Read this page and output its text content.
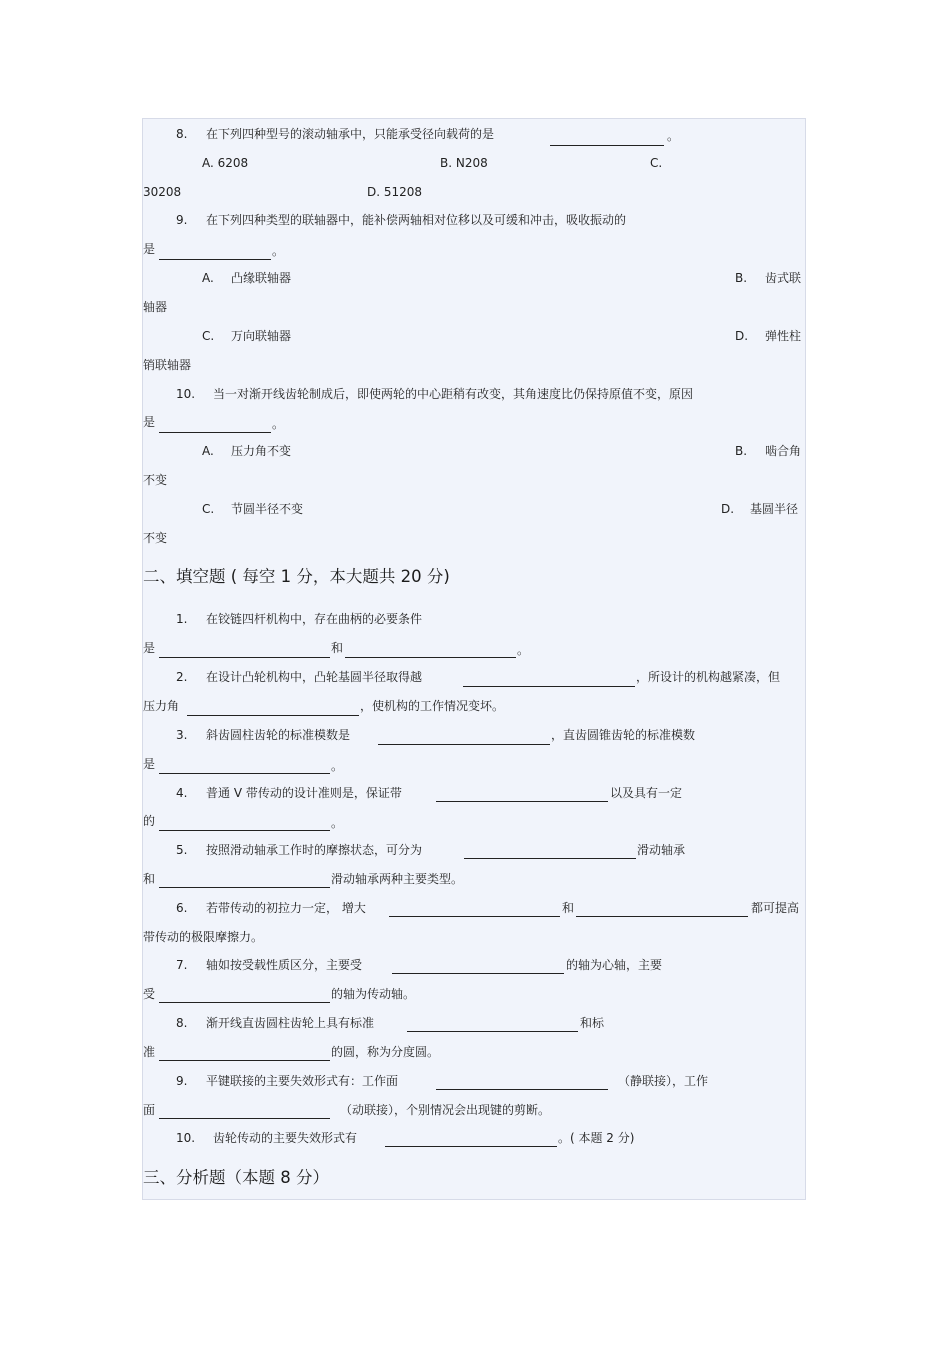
8. 在下列四种型号的滚动轴承中，只能承受径向载荷的是	。
A. 6208	B. N208	C.
30208	D. 51208
9. 在下列四种类型的联轴器中，能补偿两轴相对位移以及可缓和冲击，吸收振动的
是	。
A. 凸缘联轴器	B. 齿式联
轴器
C. 万向联轴器	D. 弹性柱
销联轴器
10. 当一对渐开线齿轮制成后，即使两轮的中心距稍有改变，其角速度比仍保持原值不变，原因
是	。
A. 压力角不变	B. 啮合角
不变
C. 节圆半径不变	D. 基圆半径
不变
二、填空题 ( 每空 1 分，本大题共 20 分)
1. 在铰链四杆机构中，存在曲柄的必要条件
是	和	。
2. 在设计凸轮机构中，凸轮基圆半径取得越	，所设计的机构越紧凑，但
压力角	，使机构的工作情况变坏。
3. 斜齿圆柱齿轮的标准模数是	，直齿圆锥齿轮的标准模数
是	。
4. 普通 V 带传动的设计准则是，保证带	以及具有一定
的	。
5. 按照滑动轴承工作时的摩擦状态，可分为	滑动轴承
和	滑动轴承两种主要类型。
6. 若带传动的初拉力一定， 增大	和	都可提高
带传动的极限摩擦力。
7. 轴如按受载性质区分，主要受	的轴为心轴，主要
受	的轴为传动轴。
8. 渐开线直齿圆柱齿轮上具有标准	和标
准	的圆，称为分度圆。
9. 平键联接的主要失效形式有：工作面	（静联接），工作
面	（动联接），个别情况会出现键的剪断。
10. 齿轮传动的主要失效形式有	。( 本题 2 分)
三、分析题（本题 8 分）
